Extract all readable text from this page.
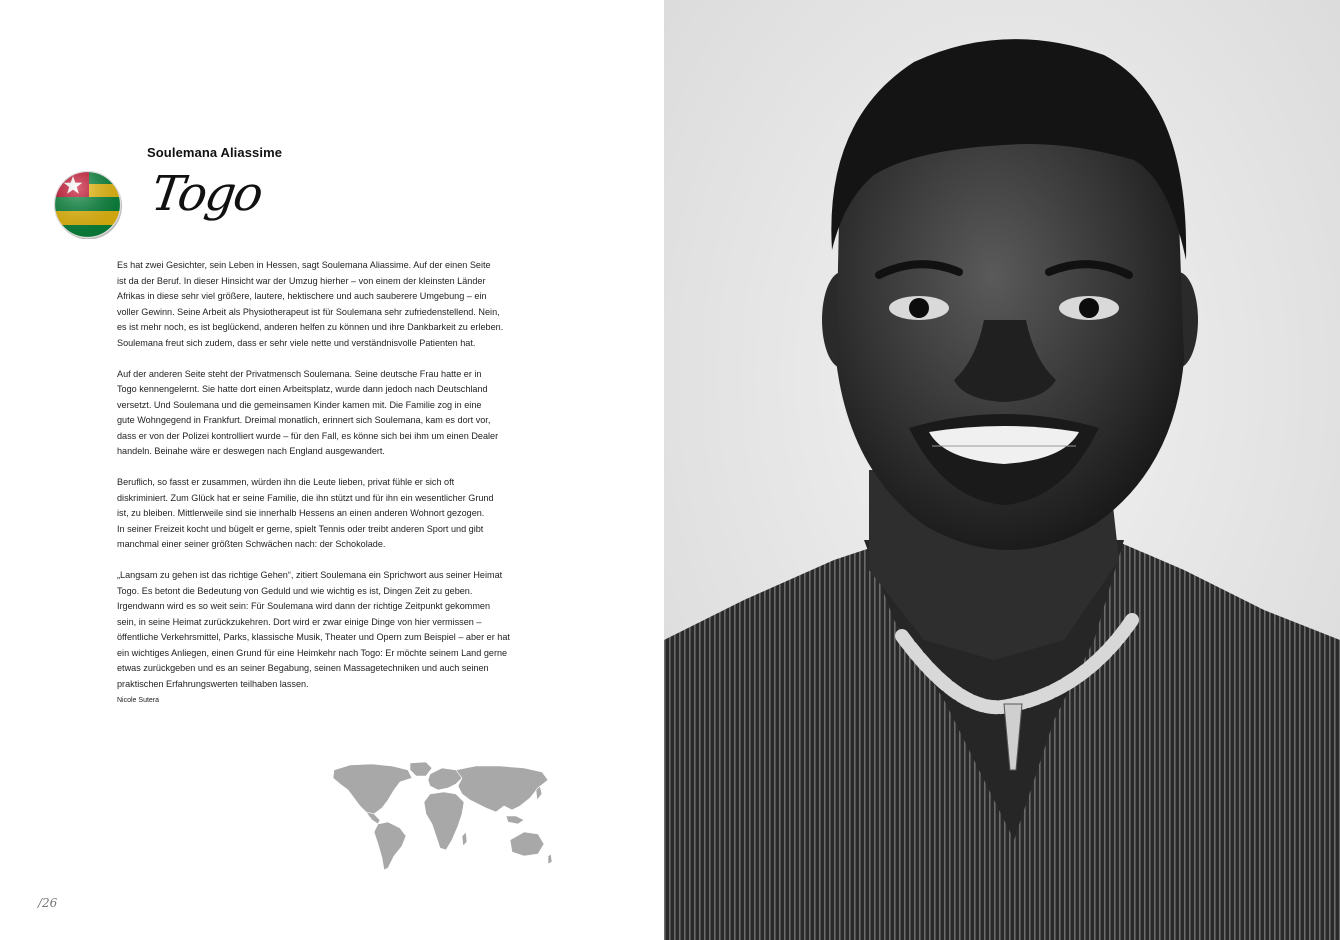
Soulemana Aliassime
Togo

Es hat zwei Gesichter, sein Leben in Hessen, sagt Soulemana Aliassime. Auf der einen Seite
ist da der Beruf. In dieser Hinsicht war der Umzug hierher – von einem der kleinsten Länder
Afrikas in diese sehr viel größere, lautere, hektischere und auch sauberere Umgebung – ein
voller Gewinn. Seine Arbeit als Physiotherapeut ist für Soulemana sehr zufriedenstellend. Nein,
es ist mehr noch, es ist beglückend, anderen helfen zu können und ihre Dankbarkeit zu erleben.
Soulemana freut sich zudem, dass er sehr viele nette und verständnisvolle Patienten hat.

Auf der anderen Seite steht der Privatmensch Soulemana. Seine deutsche Frau hatte er in
Togo kennengelernt. Sie hatte dort einen Arbeitsplatz, wurde dann jedoch nach Deutschland
versetzt. Und Soulemana und die gemeinsamen Kinder kamen mit. Die Familie zog in eine
gute Wohngegend in Frankfurt. Dreimal monatlich, erinnert sich Soulemana, kam es dort vor,
dass er von der Polizei kontrolliert wurde – für den Fall, es könne sich bei ihm um einen Dealer
handeln. Beinahe wäre er deswegen nach England ausgewandert.

Beruflich, so fasst er zusammen, würden ihn die Leute lieben, privat fühle er sich oft
diskriminiert. Zum Glück hat er seine Familie, die ihn stützt und für ihn ein wesentlicher Grund
ist, zu bleiben. Mittlerweile sind sie innerhalb Hessens an einen anderen Wohnort gezogen.
In seiner Freizeit kocht und bügelt er gerne, spielt Tennis oder treibt anderen Sport und gibt
manchmal einer seiner größten Schwächen nach: der Schokolade.

„Langsam zu gehen ist das richtige Gehen“, zitiert Soulemana ein Sprichwort aus seiner Heimat
Togo. Es betont die Bedeutung von Geduld und wie wichtig es ist, Dingen Zeit zu geben.
Irgendwann wird es so weit sein: Für Soulemana wird dann der richtige Zeitpunkt gekommen
sein, in seine Heimat zurückzukehren. Dort wird er zwar einige Dinge von hier vermissen –
öffentliche Verkehrsmittel, Parks, klassische Musik, Theater und Opern zum Beispiel – aber er hat
ein wichtiges Anliegen, einen Grund für eine Heimkehr nach Togo: Er möchte seinem Land gerne
etwas zurückgeben und es an seiner Begabung, seinen Massagetechniken und auch seinen
praktischen Erfahrungswerten teilhaben lassen.

Nicole Sutera
/26
